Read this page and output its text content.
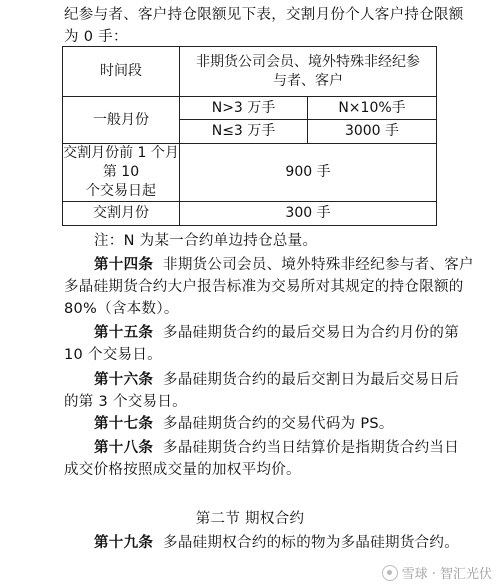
纪参与者、客户持仓限额见下表，交割月份个人客户持仓限额
为 0 手：
时间段	非期货公司会员、境外特殊非经纪参
与者、客户	

一般月份	N>3 万手	N×10%手
	N≤3 万手	3000 手

交割月份前 1 个月第 10
个交易日起	900 手	
交割月份	300 手	
注：N 为某一合约单边持仓总量。
第十四条 非期货公司会员、境外特殊非经纪参与者、客户
多晶硅期货合约大户报告标准为交易所对其规定的持仓限额的
80%（含本数）。
第十五条 多晶硅期货合约的最后交易日为合约月份的第
10 个交易日。
第十六条 多晶硅期货合约的最后交割日为最后交易日后
的第 3 个交易日。
第十七条 多晶硅期货合约的交易代码为 PS。
第十八条 多晶硅期货合约当日结算价是指期货合约当日
成交价格按照成交量的加权平均价。
第二节 期权合约
第十九条 多晶硅期权合约的标的物为多晶硅期货合约。
雪球 · 智汇光伏
